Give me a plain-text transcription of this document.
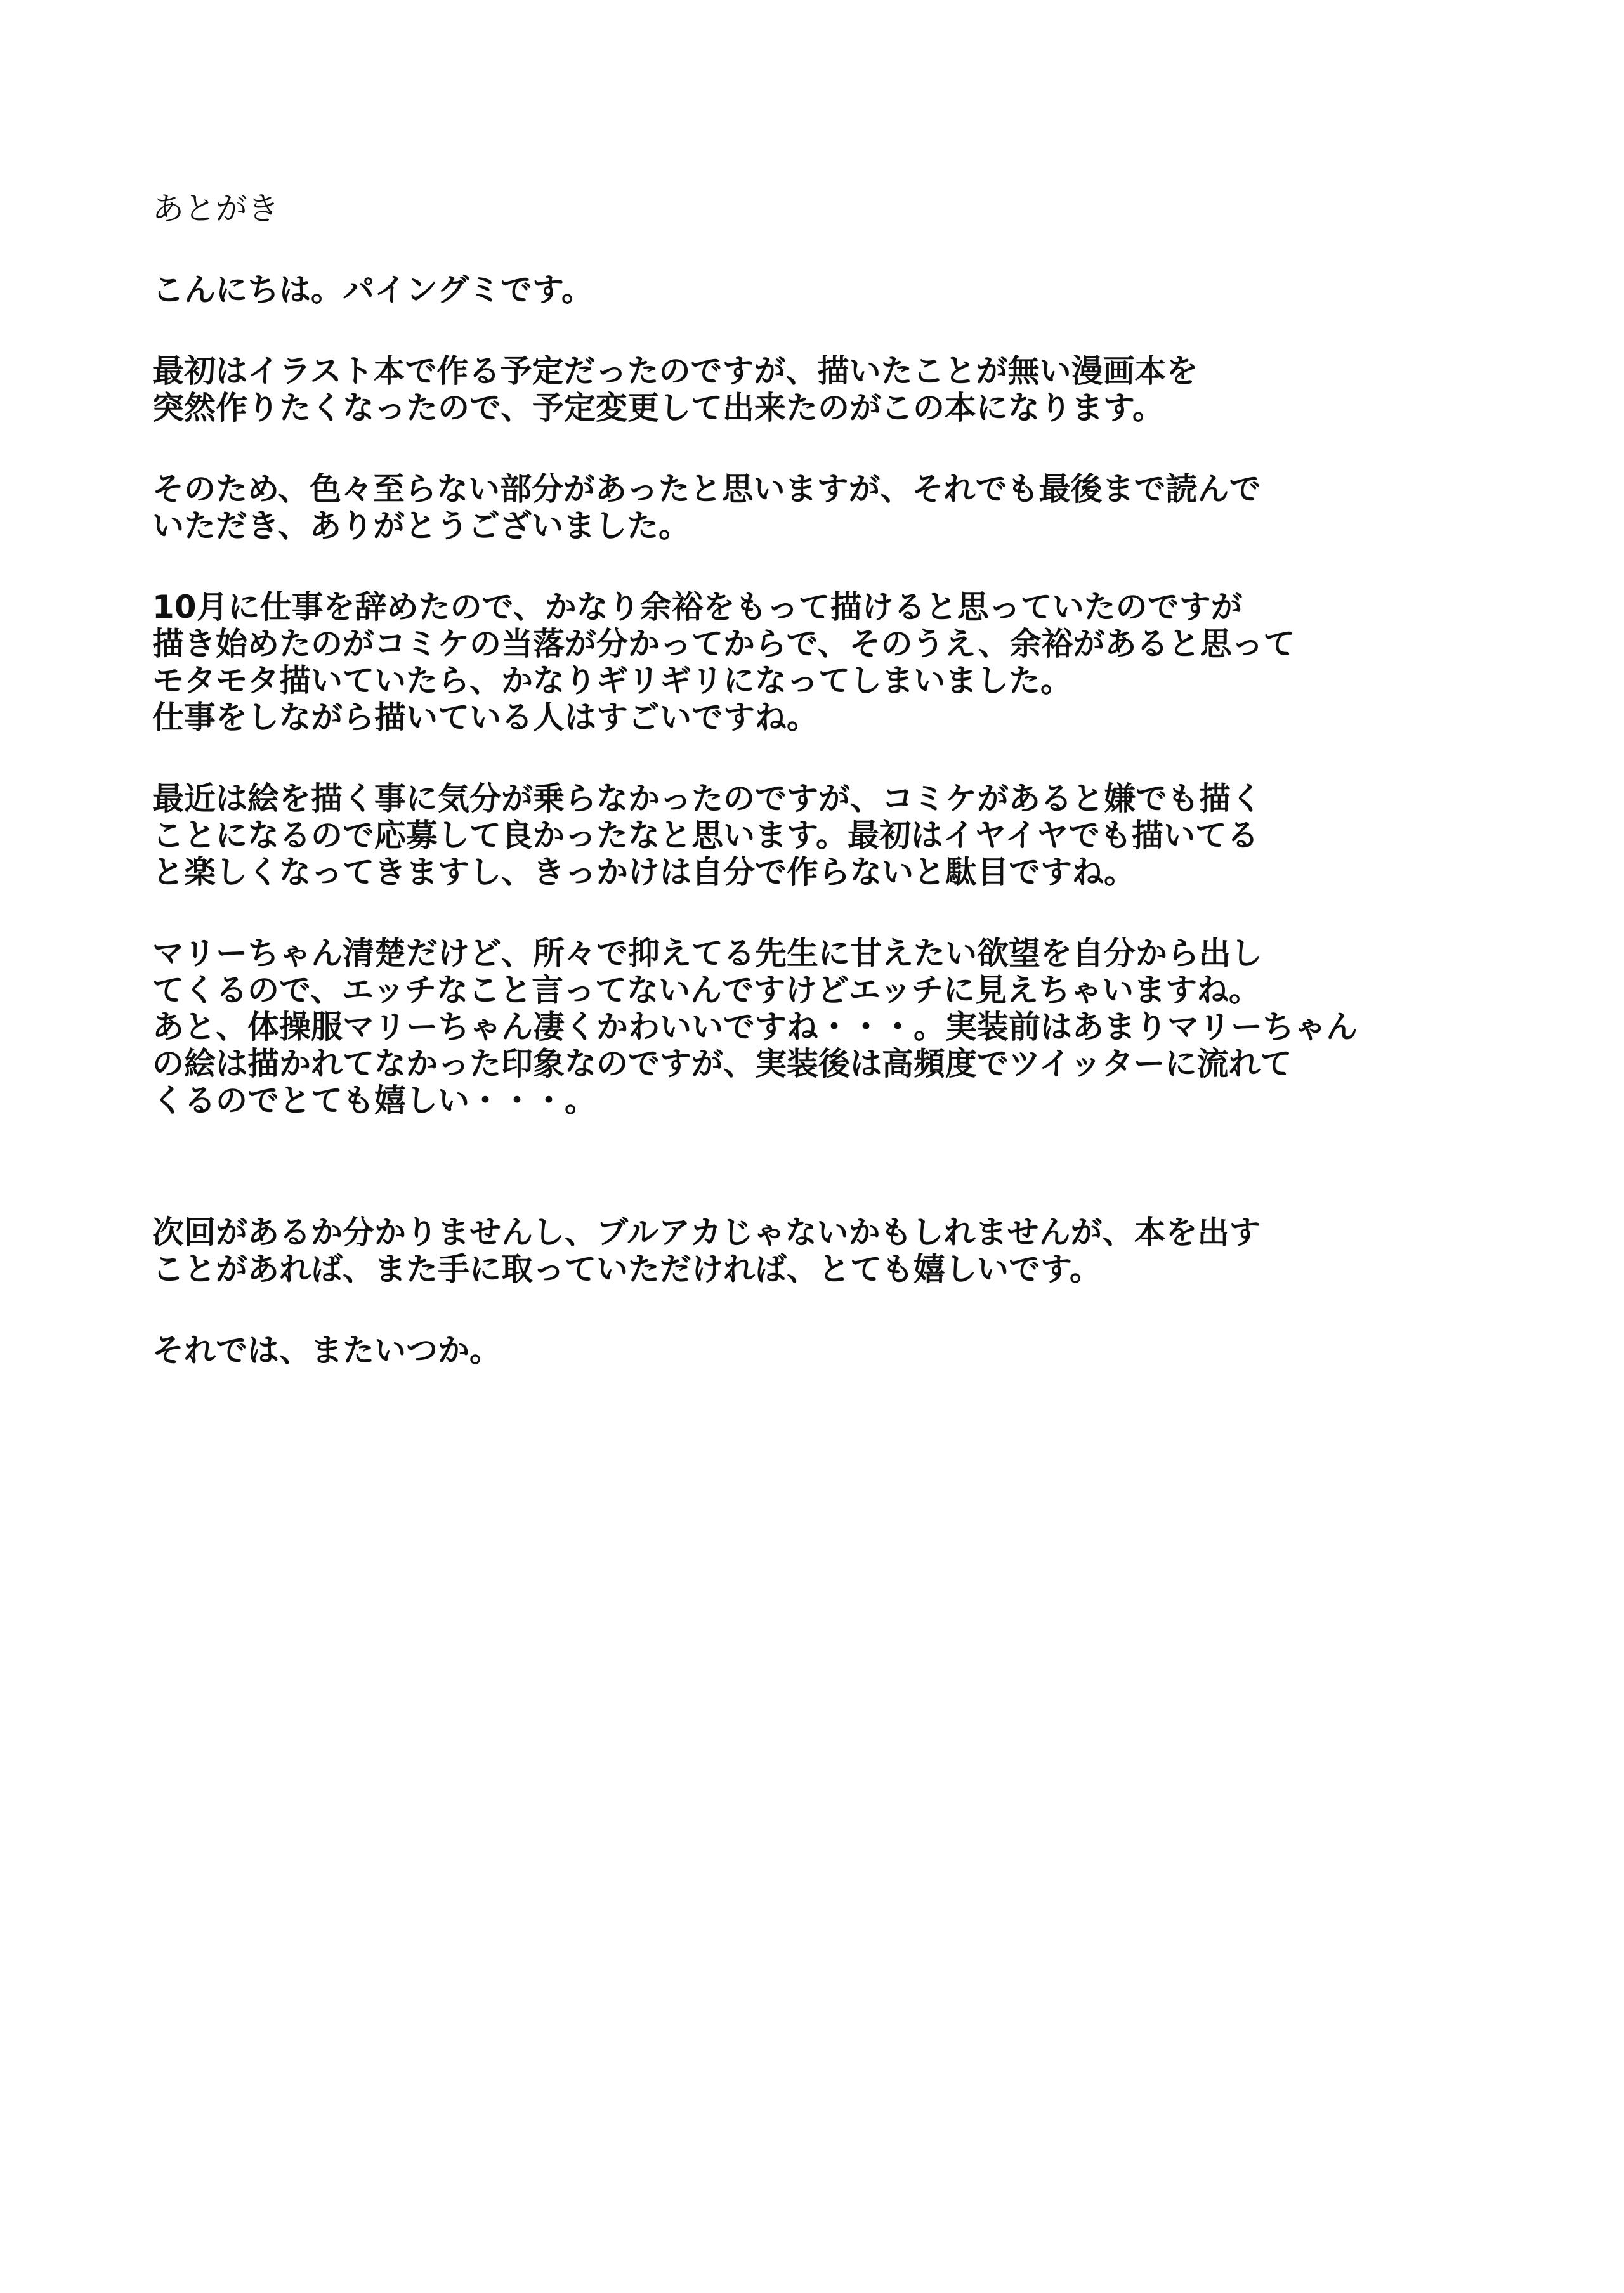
あとがき

こんにちは。パイングミです。

最初はイラスト本で作る予定だったのですが、描いたことが無い漫画本を
突然作りたくなったので、予定変更して出来たのがこの本になります。

そのため、色々至らない部分があったと思いますが、それでも最後まで読んで
いただき、ありがとうございました。

10月に仕事を辞めたので、かなり余裕をもって描けると思っていたのですが
描き始めたのがコミケの当落が分かってからで、そのうえ、余裕があると思って
モタモタ描いていたら、かなりギリギリになってしまいました。
仕事をしながら描いている人はすごいですね。

最近は絵を描く事に気分が乗らなかったのですが、コミケがあると嫌でも描く
ことになるので応募して良かったなと思います。最初はイヤイヤでも描いてる
と楽しくなってきますし、きっかけは自分で作らないと駄目ですね。

マリーちゃん清楚だけど、所々で抑えてる先生に甘えたい欲望を自分から出し
てくるので、エッチなこと言ってないんですけどエッチに見えちゃいますね。
あと、体操服マリーちゃん凄くかわいいですね・・・。実装前はあまりマリーちゃん
の絵は描かれてなかった印象なのですが、実装後は高頻度でツイッターに流れて
くるのでとても嬉しい・・・。

次回があるか分かりませんし、ブルアカじゃないかもしれませんが、本を出す
ことがあれば、また手に取っていただければ、とても嬉しいです。

それでは、またいつか。
